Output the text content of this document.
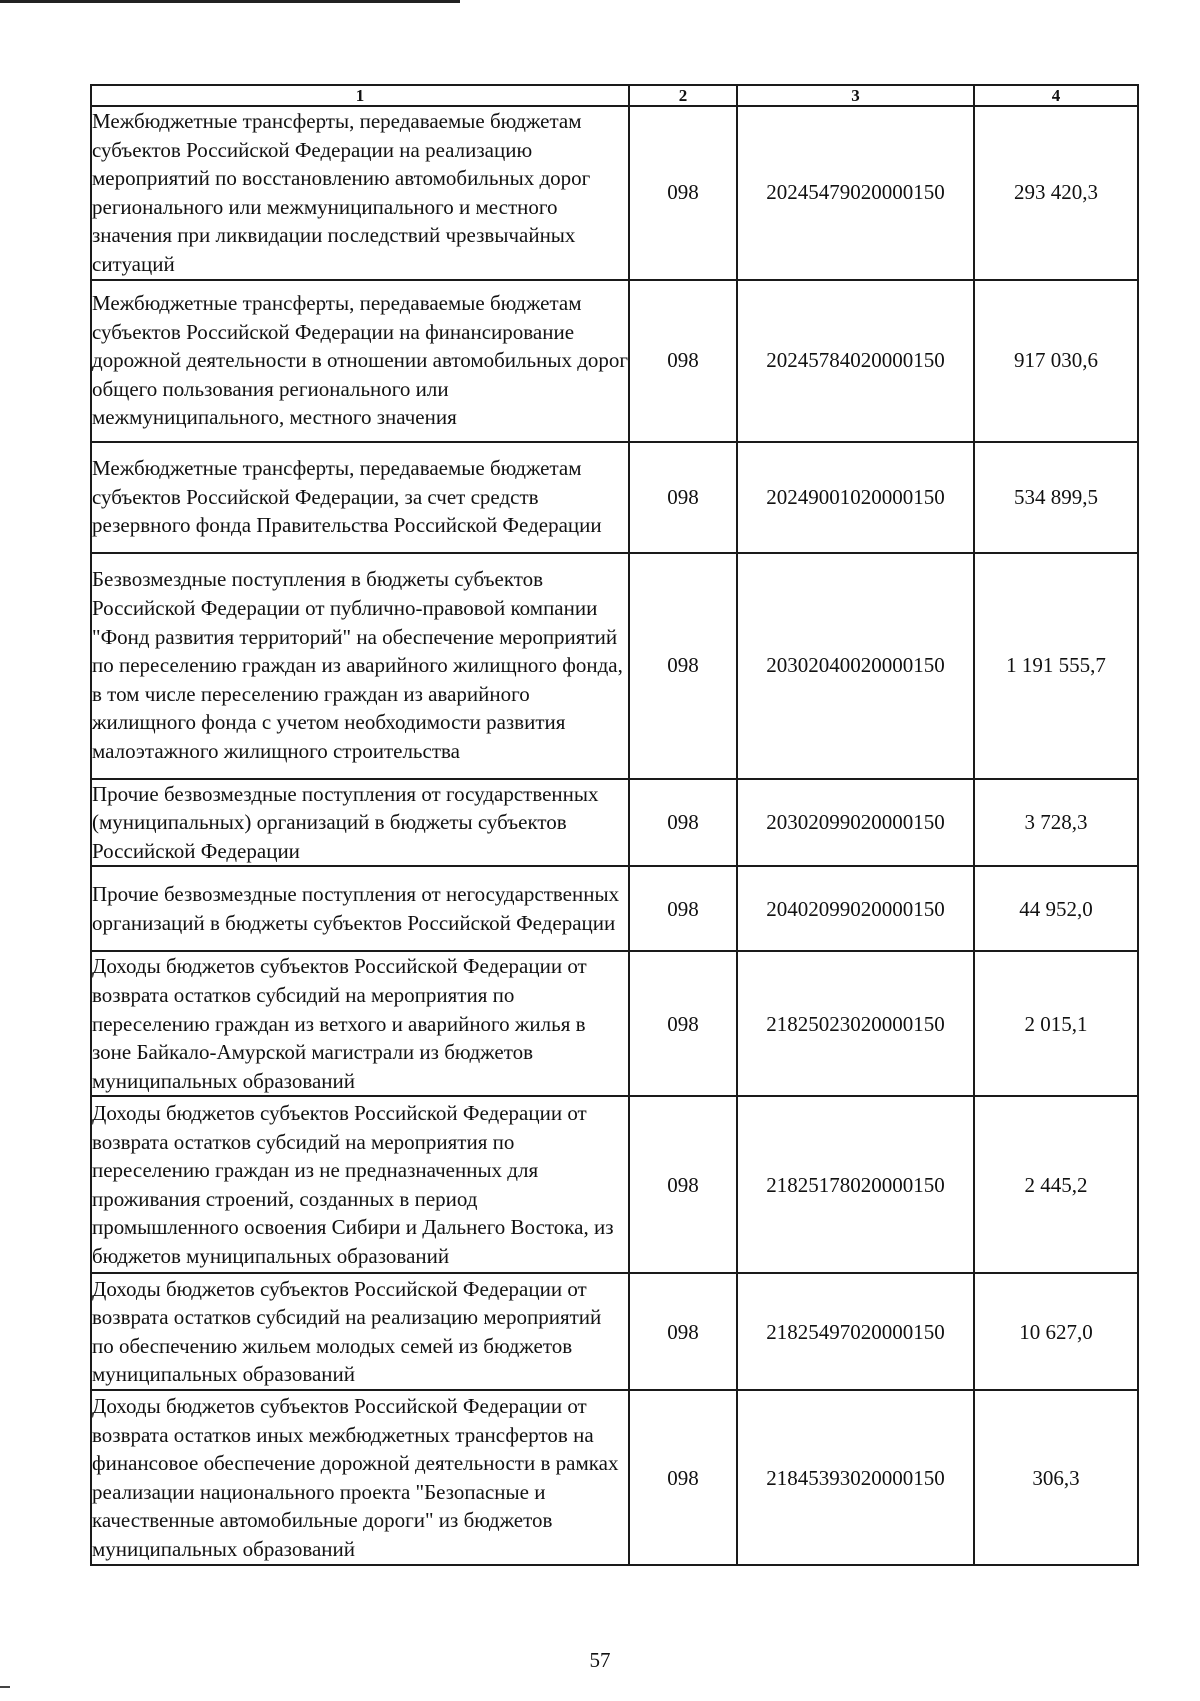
1	2	3	4
Межбюджетные трансферты, передаваемые бюджетам субъектов Российской Федерации на реализацию мероприятий по восстановлению автомобильных дорог регионального или межмуниципального и местного значения при ликвидации последствий чрезвычайных ситуаций	098	20245479020000150	293 420,3
Межбюджетные трансферты, передаваемые бюджетам субъектов Российской Федерации на финансирование дорожной деятельности в отношении автомобильных дорог общего пользования регионального или межмуниципального, местного значения	098	20245784020000150	917 030,6
Межбюджетные трансферты, передаваемые бюджетам субъектов Российской Федерации, за счет средств резервного фонда Правительства Российской Федерации	098	20249001020000150	534 899,5
Безвозмездные поступления в бюджеты субъектов Российской Федерации от публично-правовой компании "Фонд развития территорий" на обеспечение мероприятий по переселению граждан из аварийного жилищного фонда, в том числе переселению граждан из аварийного жилищного фонда с учетом необходимости развития малоэтажного жилищного строительства	098	20302040020000150	1 191 555,7
Прочие безвозмездные поступления от государственных (муниципальных) организаций в бюджеты субъектов Российской Федерации	098	20302099020000150	3 728,3
Прочие безвозмездные поступления от негосударственных организаций в бюджеты субъектов Российской Федерации	098	20402099020000150	44 952,0
Доходы бюджетов субъектов Российской Федерации от возврата остатков субсидий на мероприятия по переселению граждан из ветхого и аварийного жилья в зоне Байкало-Амурской магистрали из бюджетов муниципальных образований	098	21825023020000150	2 015,1
Доходы бюджетов субъектов Российской Федерации от возврата остатков субсидий на мероприятия по переселению граждан из не предназначенных для проживания строений, созданных в период промышленного освоения Сибири и Дальнего Востока, из бюджетов муниципальных образований	098	21825178020000150	2 445,2
Доходы бюджетов субъектов Российской Федерации от возврата остатков субсидий на реализацию мероприятий по обеспечению жильем молодых семей из бюджетов муниципальных образований	098	21825497020000150	10 627,0
Доходы бюджетов субъектов Российской Федерации от возврата остатков иных межбюджетных трансфертов на финансовое обеспечение дорожной деятельности в рамках реализации национального проекта "Безопасные и качественные автомобильные дороги" из бюджетов муниципальных образований	098	21845393020000150	306,3
57
